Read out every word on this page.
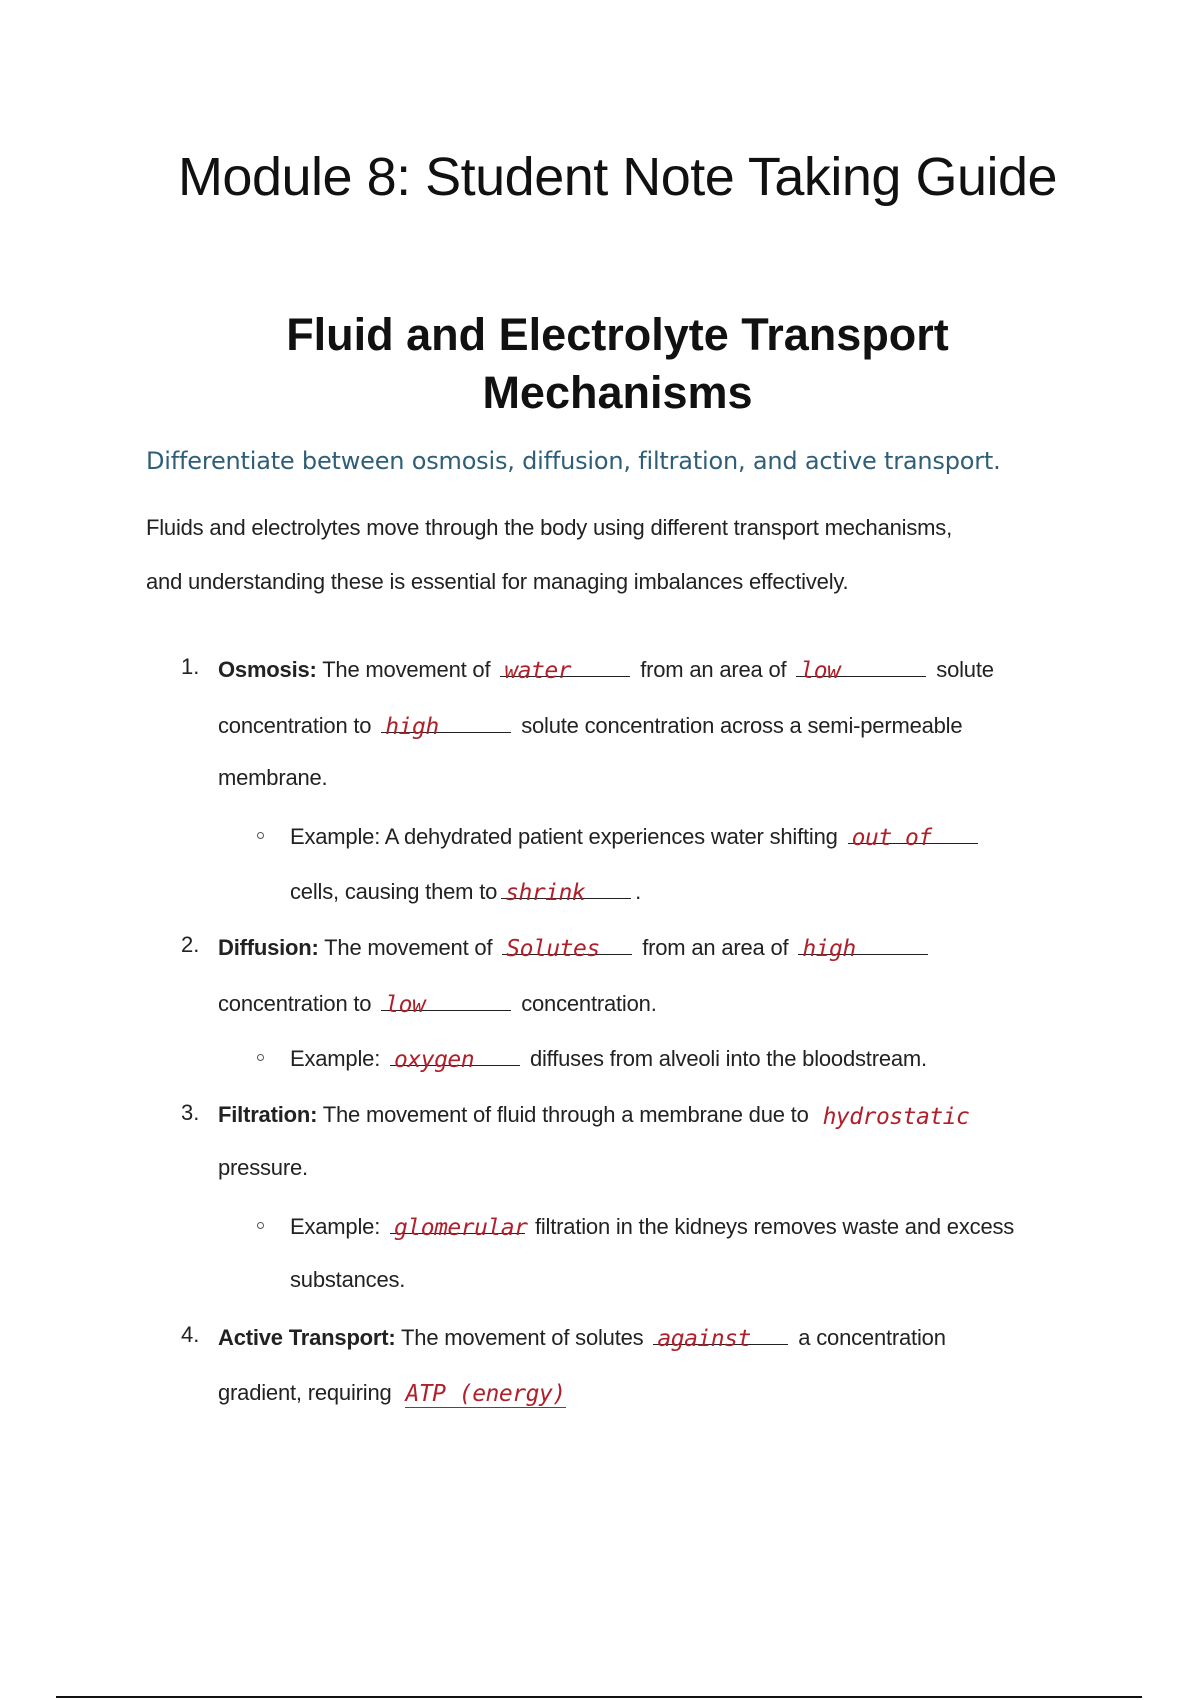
Module 8: Student Note Taking Guide
Fluid and Electrolyte Transport
Mechanisms
Differentiate between osmosis, diffusion, filtration, and active transport.
Fluids and electrolytes move through the body using different transport mechanisms,
and understanding these is essential for managing imbalances effectively.
1. Osmosis: The movement of water	from an area of low	solute
concentration to high	solute concentration across a semi-permeable
membrane.
Example: A dehydrated patient experiences water shifting out of
cells, causing them to shrink .
2. Diffusion: The movement of Solutes from an area of high
concentration to low	concentration.
Example: oxygen	diffuses from alveoli into the bloodstream.
3. Filtration: The movement of fluid through a membrane due to hydrostatic
pressure.
Example: glomerular filtration in the kidneys removes waste and excess
substances.
4. Active Transport: The movement of solutes against a concentration
gradient, requiring ATP (energy)
